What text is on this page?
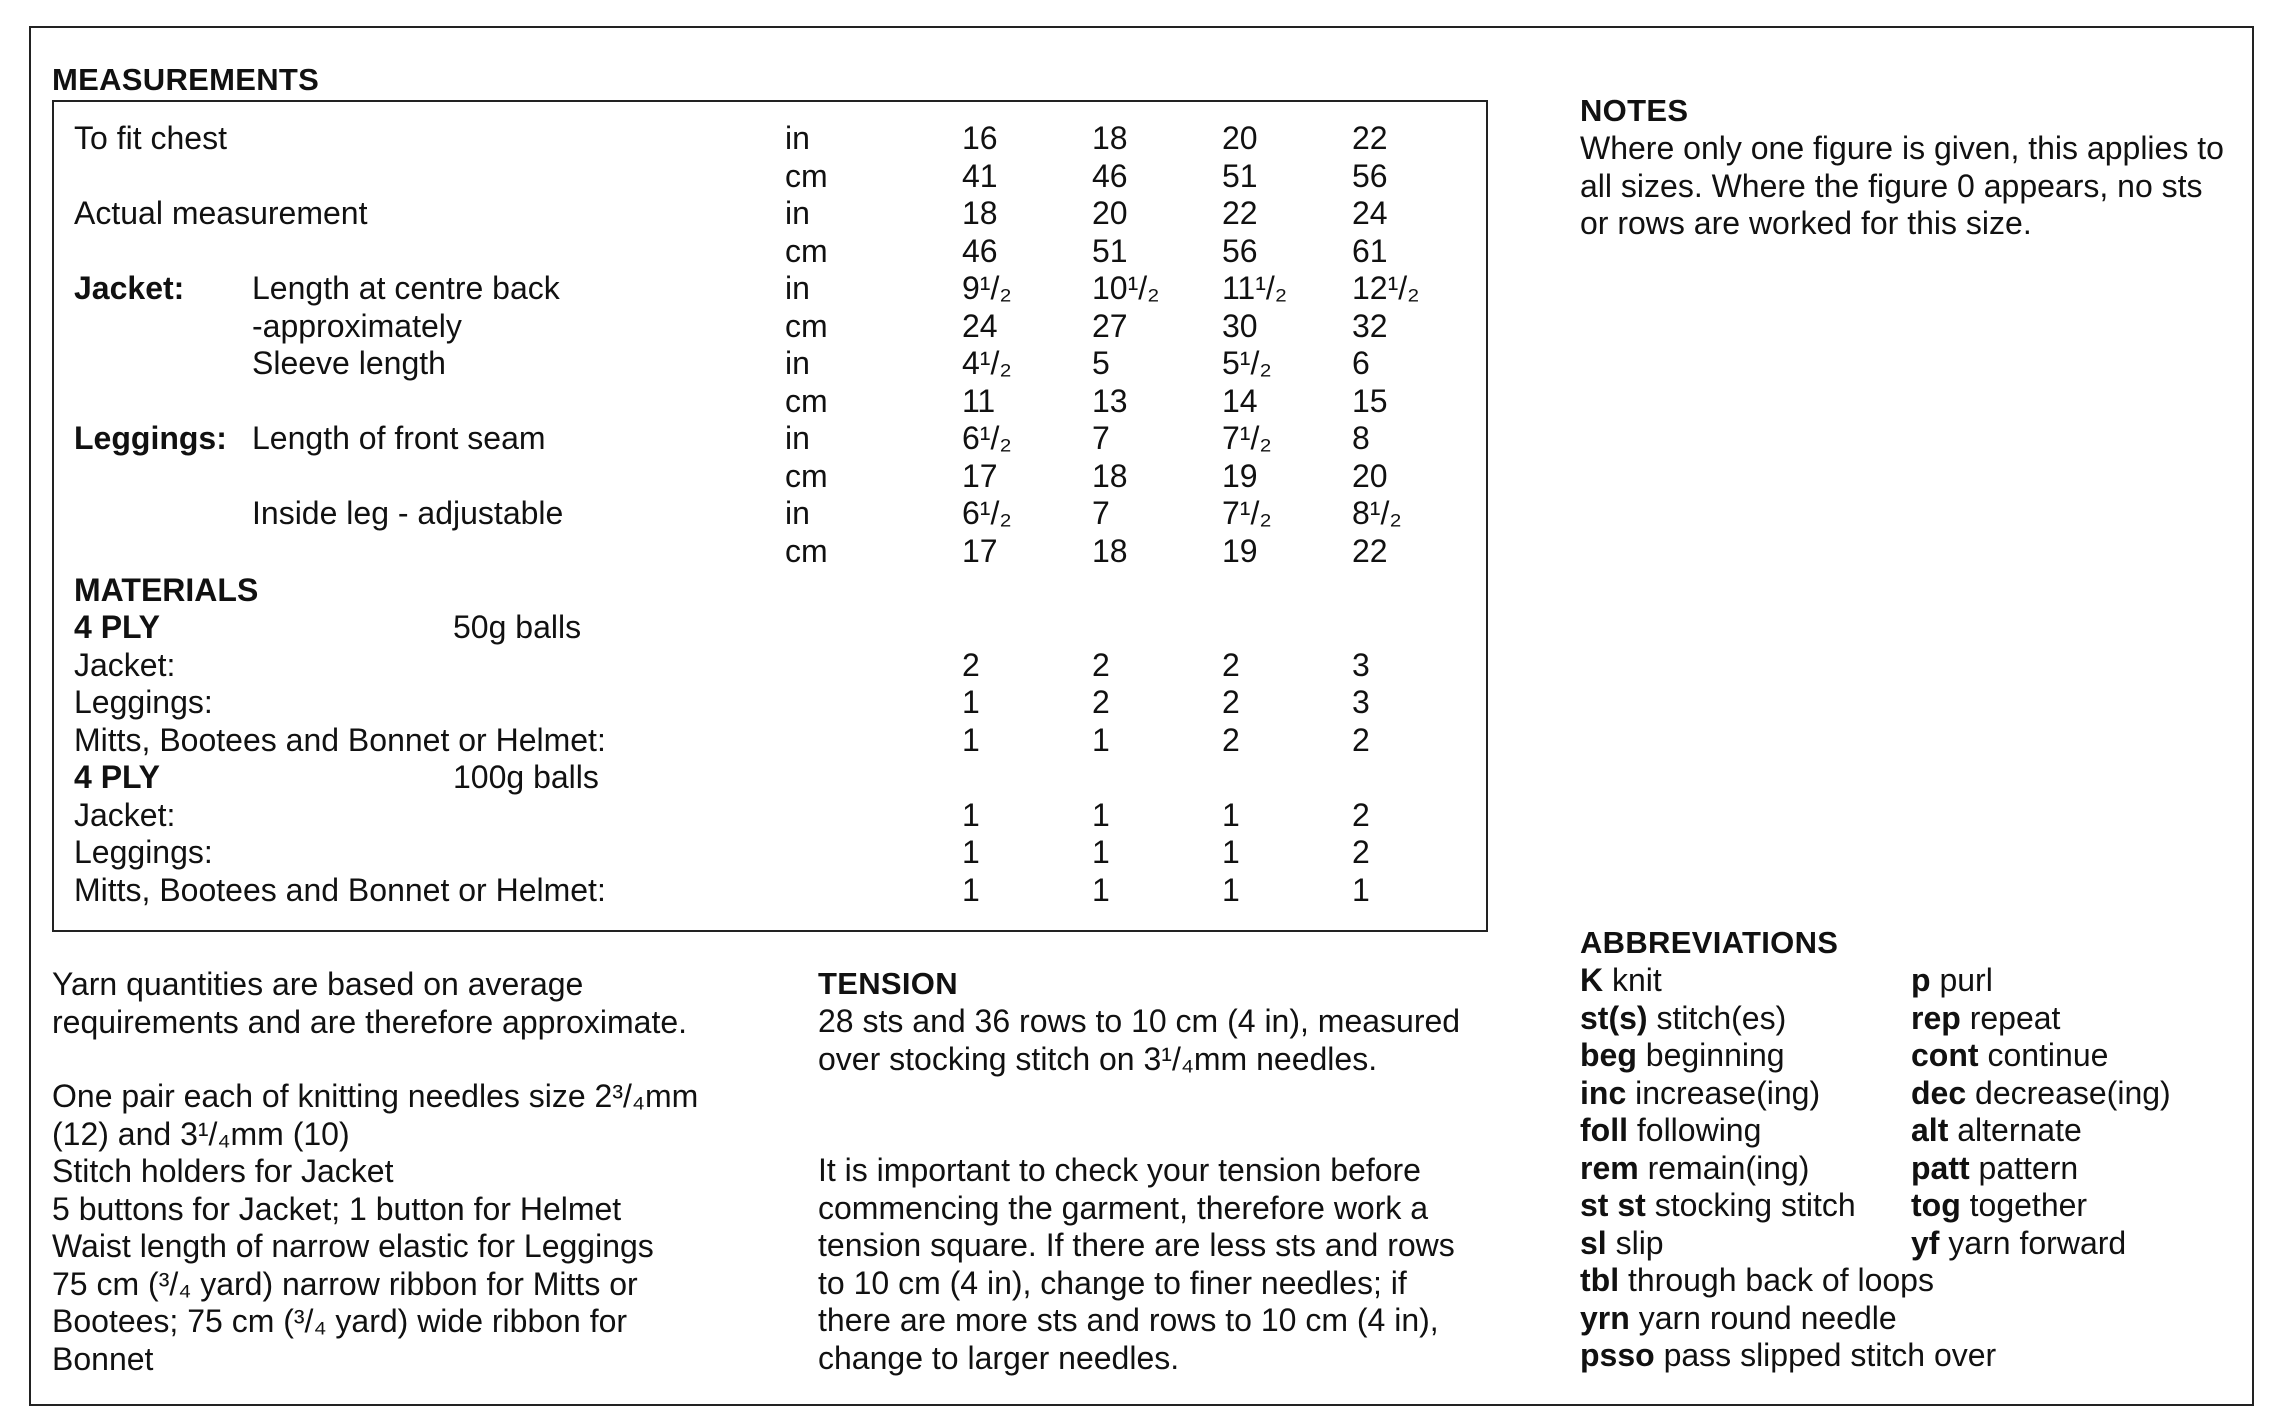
MEASUREMENTS
To fit chest	in	16	18	20	22
cm	41	46	51	56
Actual measurement	in	18	20	22	24
cm	46	51	56	61
Jacket: Length at centre back	in	9¹/₂	10¹/₂ 11¹/₂ 12¹/₂
-approximately	cm	24	27	30	32
Sleeve length	in	4¹/₂	5	5¹/₂	6
cm	11	13	14	15
Leggings: Length of front seam	in	6¹/₂	7	7¹/₂	8
cm	17	18	19	20
Inside leg - adjustable	in	6¹/₂	7	7¹/₂	8¹/₂
cm	17	18	19	22
MATERIALS
4 PLY	50g balls
Jacket:	2	2	2	3
Leggings:	1	2	2	3
Mitts, Bootees and Bonnet or Helmet:	1	1	2	2
4 PLY	100g balls
Jacket:	1	1	1	2
Leggings:	1	1	1	2
Mitts, Bootees and Bonnet or Helmet:	1	1	1	1
NOTES
Where only one figure is given, this applies to
all sizes. Where the figure 0 appears, no sts
or rows are worked for this size.
Yarn quantities are based on average
requirements and are therefore approximate.
One pair each of knitting needles size 2³/₄mm
(12) and 3¹/₄mm (10)
Stitch holders for Jacket
5 buttons for Jacket; 1 button for Helmet
Waist length of narrow elastic for Leggings
75 cm (³/₄ yard) narrow ribbon for Mitts or
Bootees; 75 cm (³/₄ yard) wide ribbon for
Bonnet
TENSION
28 sts and 36 rows to 10 cm (4 in), measured
over stocking stitch on 3¹/₄mm needles.
It is important to check your tension before
commencing the garment, therefore work a
tension square. If there are less sts and rows
to 10 cm (4 in), change to finer needles; if
there are more sts and rows to 10 cm (4 in),
change to larger needles.
ABBREVIATIONS
K knit
st(s) stitch(es)
beg beginning
inc increase(ing)
foll following
rem remain(ing)
st st stocking stitch
sl slip
tbl through back of loops
yrn yarn round needle
psso pass slipped stitch over
p purl
rep repeat
cont continue
dec decrease(ing)
alt alternate
patt pattern
tog together
yf yarn forward
